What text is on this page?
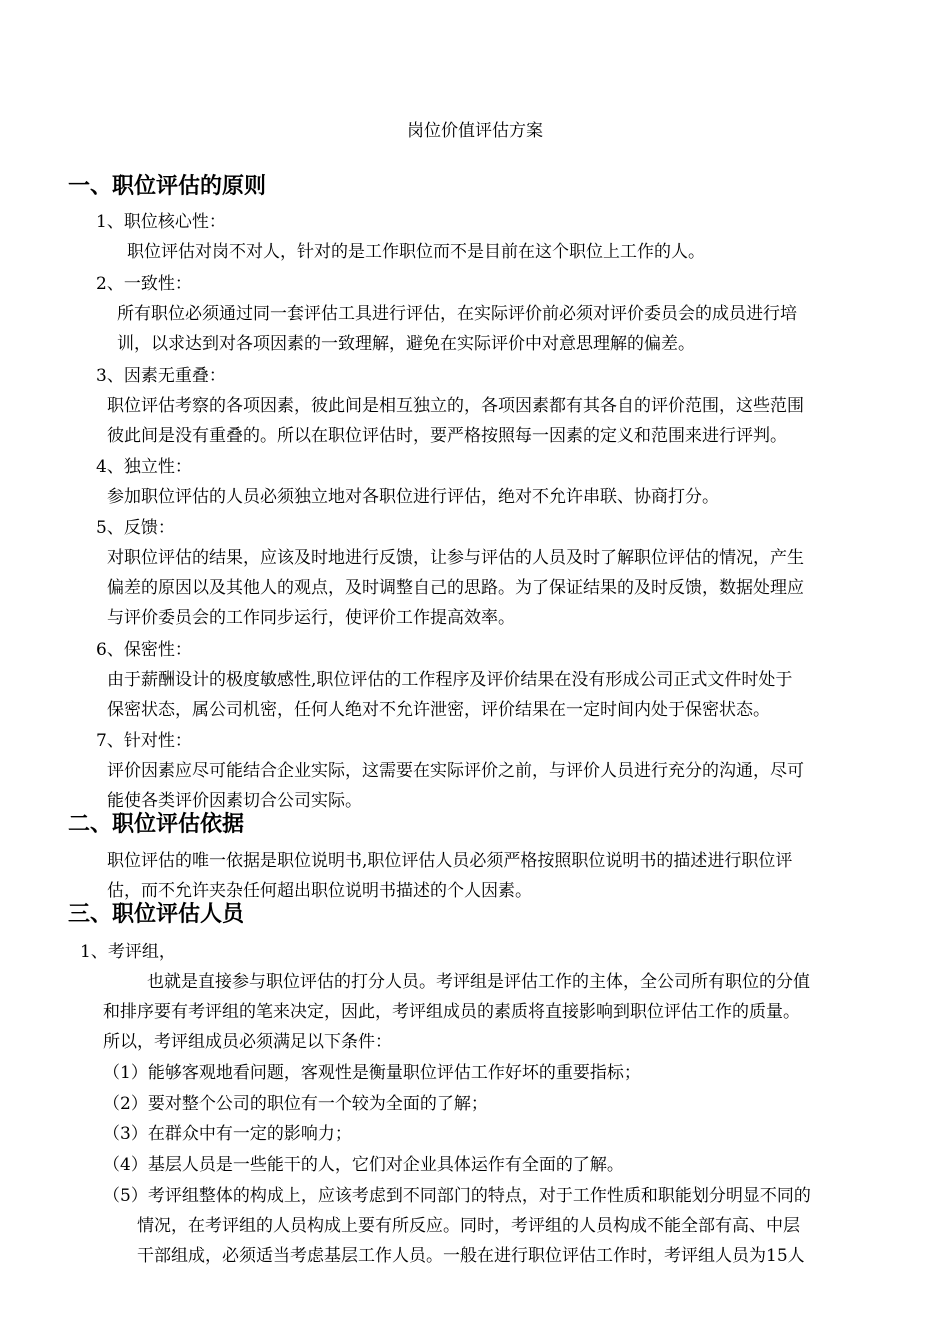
岗位价值评估方案
一、职位评估的原则
1、职位核心性：
职位评估对岗不对人，针对的是工作职位而不是目前在这个职位上工作的人。
2、一致性：
所有职位必须通过同一套评估工具进行评估，在实际评价前必须对评价委员会的成员进行培
训，以求达到对各项因素的一致理解，避免在实际评价中对意思理解的偏差。
3、因素无重叠：
职位评估考察的各项因素，彼此间是相互独立的，各项因素都有其各自的评价范围，这些范围
彼此间是没有重叠的。所以在职位评估时，要严格按照每一因素的定义和范围来进行评判。
4、独立性：
参加职位评估的人员必须独立地对各职位进行评估，绝对不允许串联、协商打分。
5、反馈：
对职位评估的结果，应该及时地进行反馈，让参与评估的人员及时了解职位评估的情况，产生
偏差的原因以及其他人的观点，及时调整自己的思路。为了保证结果的及时反馈，数据处理应
与评价委员会的工作同步运行，使评价工作提高效率。
6、保密性：
由于薪酬设计的极度敏感性,职位评估的工作程序及评价结果在没有形成公司正式文件时处于
保密状态，属公司机密，任何人绝对不允许泄密，评价结果在一定时间内处于保密状态。
7、针对性：
评价因素应尽可能结合企业实际，这需要在实际评价之前，与评价人员进行充分的沟通，尽可
能使各类评价因素切合公司实际。
二、职位评估依据
职位评估的唯一依据是职位说明书,职位评估人员必须严格按照职位说明书的描述进行职位评
估，而不允许夹杂任何超出职位说明书描述的个人因素。
三、职位评估人员
1、考评组，
也就是直接参与职位评估的打分人员。考评组是评估工作的主体，全公司所有职位的分值
和排序要有考评组的笔来决定，因此，考评组成员的素质将直接影响到职位评估工作的质量。
所以，考评组成员必须满足以下条件：
（1）能够客观地看问题，客观性是衡量职位评估工作好坏的重要指标；
（2）要对整个公司的职位有一个较为全面的了解；
（3）在群众中有一定的影响力；
（4）基层人员是一些能干的人，它们对企业具体运作有全面的了解。
（5）考评组整体的构成上，应该考虑到不同部门的特点，对于工作性质和职能划分明显不同的
情况，在考评组的人员构成上要有所反应。同时，考评组的人员构成不能全部有高、中层
干部组成，必须适当考虑基层工作人员。一般在进行职位评估工作时，考评组人员为15人
